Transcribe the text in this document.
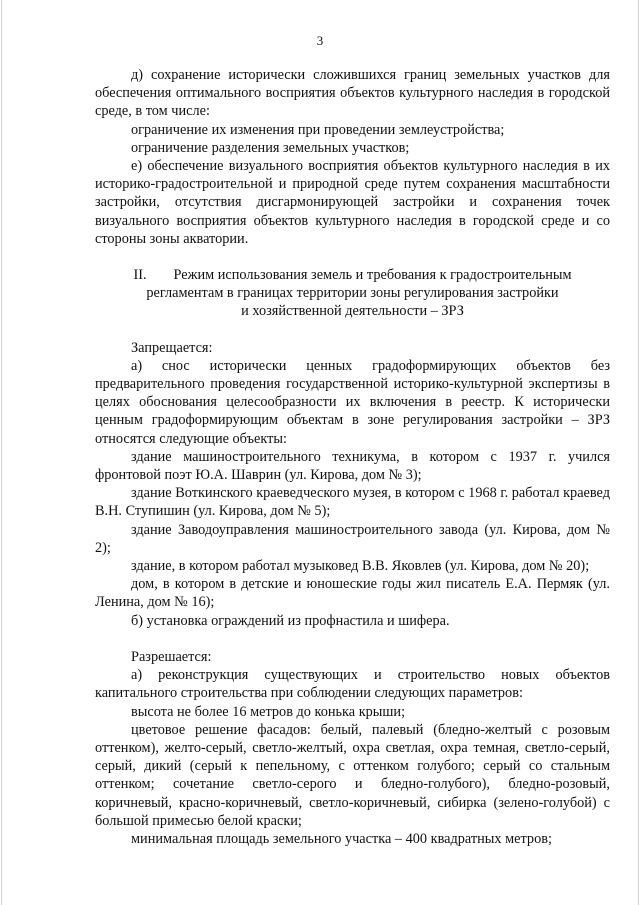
3

д) сохранение исторически сложившихся границ земельных участков для обеспечения оптимального восприятия объектов культурного наследия в городской среде, в том числе:

ограничение их изменения при проведении землеустройства;

ограничение разделения земельных участков;

е) обеспечение визуального восприятия объектов культурного наследия в их историко-градостроительной и природной среде путем сохранения масштабности застройки, отсутствия дисгармонирующей застройки и сохранения точек визуального восприятия объектов культурного наследия в городской среде и со стороны зоны акватории.

II. Режим использования земель и требования к градостроительным
регламентам в границах территории зоны регулирования застройки
и хозяйственной деятельности – ЗРЗ

Запрещается:

а) снос исторически ценных градоформирующих объектов без предварительного проведения государственной историко-культурной экспертизы в целях обоснования целесообразности их включения в реестр. К исторически ценным градоформирующим объектам в зоне регулирования застройки – ЗРЗ относятся следующие объекты:

здание машиностроительного техникума, в котором с 1937 г. учился фронтовой поэт Ю.А. Шаврин (ул. Кирова, дом № 3);

здание Воткинского краеведческого музея, в котором с 1968 г. работал краевед В.Н. Ступишин (ул. Кирова, дом № 5);

здание Заводоуправления машиностроительного завода (ул. Кирова, дом № 2);

здание, в котором работал музыковед В.В. Яковлев (ул. Кирова, дом № 20);

дом, в котором в детские и юношеские годы жил писатель Е.А. Пермяк (ул. Ленина, дом № 16);

б) установка ограждений из профнастила и шифера.

Разрешается:

а) реконструкция существующих и строительство новых объектов капитального строительства при соблюдении следующих параметров:

высота не более 16 метров до конька крыши;

цветовое решение фасадов: белый, палевый (бледно-желтый с розовым оттенком), желто-серый, светло-желтый, охра светлая, охра темная, светло-серый, серый, дикий (серый к пепельному, с оттенком голубого; серый со стальным оттенком; сочетание светло-серого и бледно-голубого), бледно-розовый, коричневый, красно-коричневый, светло-коричневый, сибирка (зелено-голубой) с большой примесью белой краски;

минимальная площадь земельного участка – 400 квадратных метров;
